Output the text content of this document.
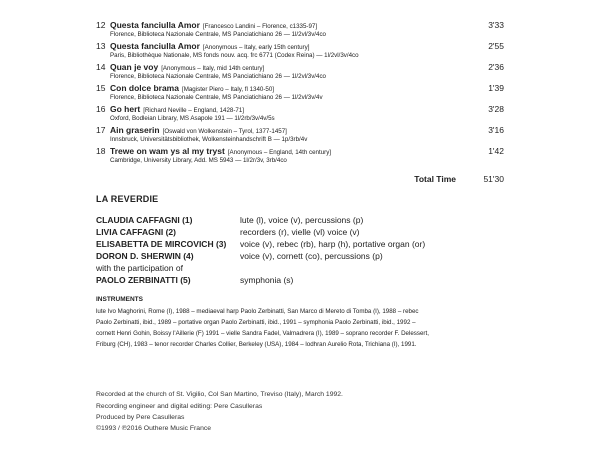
12 Questa fanciulla Amor [Francesco Landini – Florence, c1335-97]
Florence, Biblioteca Nazionale Centrale, MS Panciatichiano 26 — 1l/2vl/3v/4co
3'33
13 Questa fanciulla Amor [Anonymous – Italy, early 15th century]
Paris, Bibliothèque Nationale, MS fonds nouv. acq. frc 6771 (Codex Reina) — 1l/2vl/3v/4co
2'55
14 Quan je voy [Anonymous – Italy, mid 14th century]
Florence, Biblioteca Nazionale Centrale, MS Panciatichiano 26 — 1l/2vl/3v/4co
2'36
15 Con dolce brama [Magister Piero – Italy, fl 1340-50]
Florence, Biblioteca Nazionale Centrale, MS Panciatichiano 26 — 1l/2vl/3v/4v
1'39
16 Go hert [Richard Neville – England, 1428-71]
Oxford, Bodleian Library, MS Asapole 191 — 1l/2rb/3v/4v/5s
3'28
17 Ain graserin [Oswald von Wolkenstein – Tyrol, 1377-1457]
Innsbruck, Universitätsbibliothek, Wolkensteinhandschrift B — 1p/3rb/4v
3'16
18 Trewe on wam ys al my tryst [Anonymous – England, 14th century]
Cambridge, University Library, Add. MS 5943 — 1l/2r/3v, 3rb/4co
1'42
Total Time	51'30
LA REVERDIE
CLAUDIA CAFFAGNI (1)	lute (l), voice (v), percussions (p)
LIVIA CAFFAGNI (2)	recorders (r), vielle (vl) voice (v)
ELISABETTA DE MIRCOVICH (3) voice (v), rebec (rb), harp (h), portative organ (or)
DORON D. SHERWIN (4)	voice (v), cornett (co), percussions (p)
with the participation of
PAOLO ZERBINATTI (5)	symphonia (s)
INSTRUMENTS
lute Ivo Maghorini, Rome (I), 1988 – mediaeval harp Paolo Zerbinatti, San Marco di Mereto di Tomba (I), 1988 – rebec
Paolo Zerbinatti, ibid., 1989 – portative organ Paolo Zerbinatti, ibid., 1991 – symphonia Paolo Zerbinatti, ibid., 1992 –
cornett Henri Gohin, Boissy l'Aillerie (F) 1991 – vielle Sandra Fadel, Valmadrera (I), 1989 – soprano recorder F. Delessert,
Friburg (CH), 1983 – tenor recorder Charles Collier, Berkeley (USA), 1984 – lodhran Aurelio Rota, Trichiana (I), 1991.
Recorded at the church of St. Vigilio, Col San Martino, Treviso (Italy), March 1992.
Recording engineer and digital editing: Pere Casulleras
Produced by Pere Casulleras
©1993 / ℗2016 Outhere Music France
